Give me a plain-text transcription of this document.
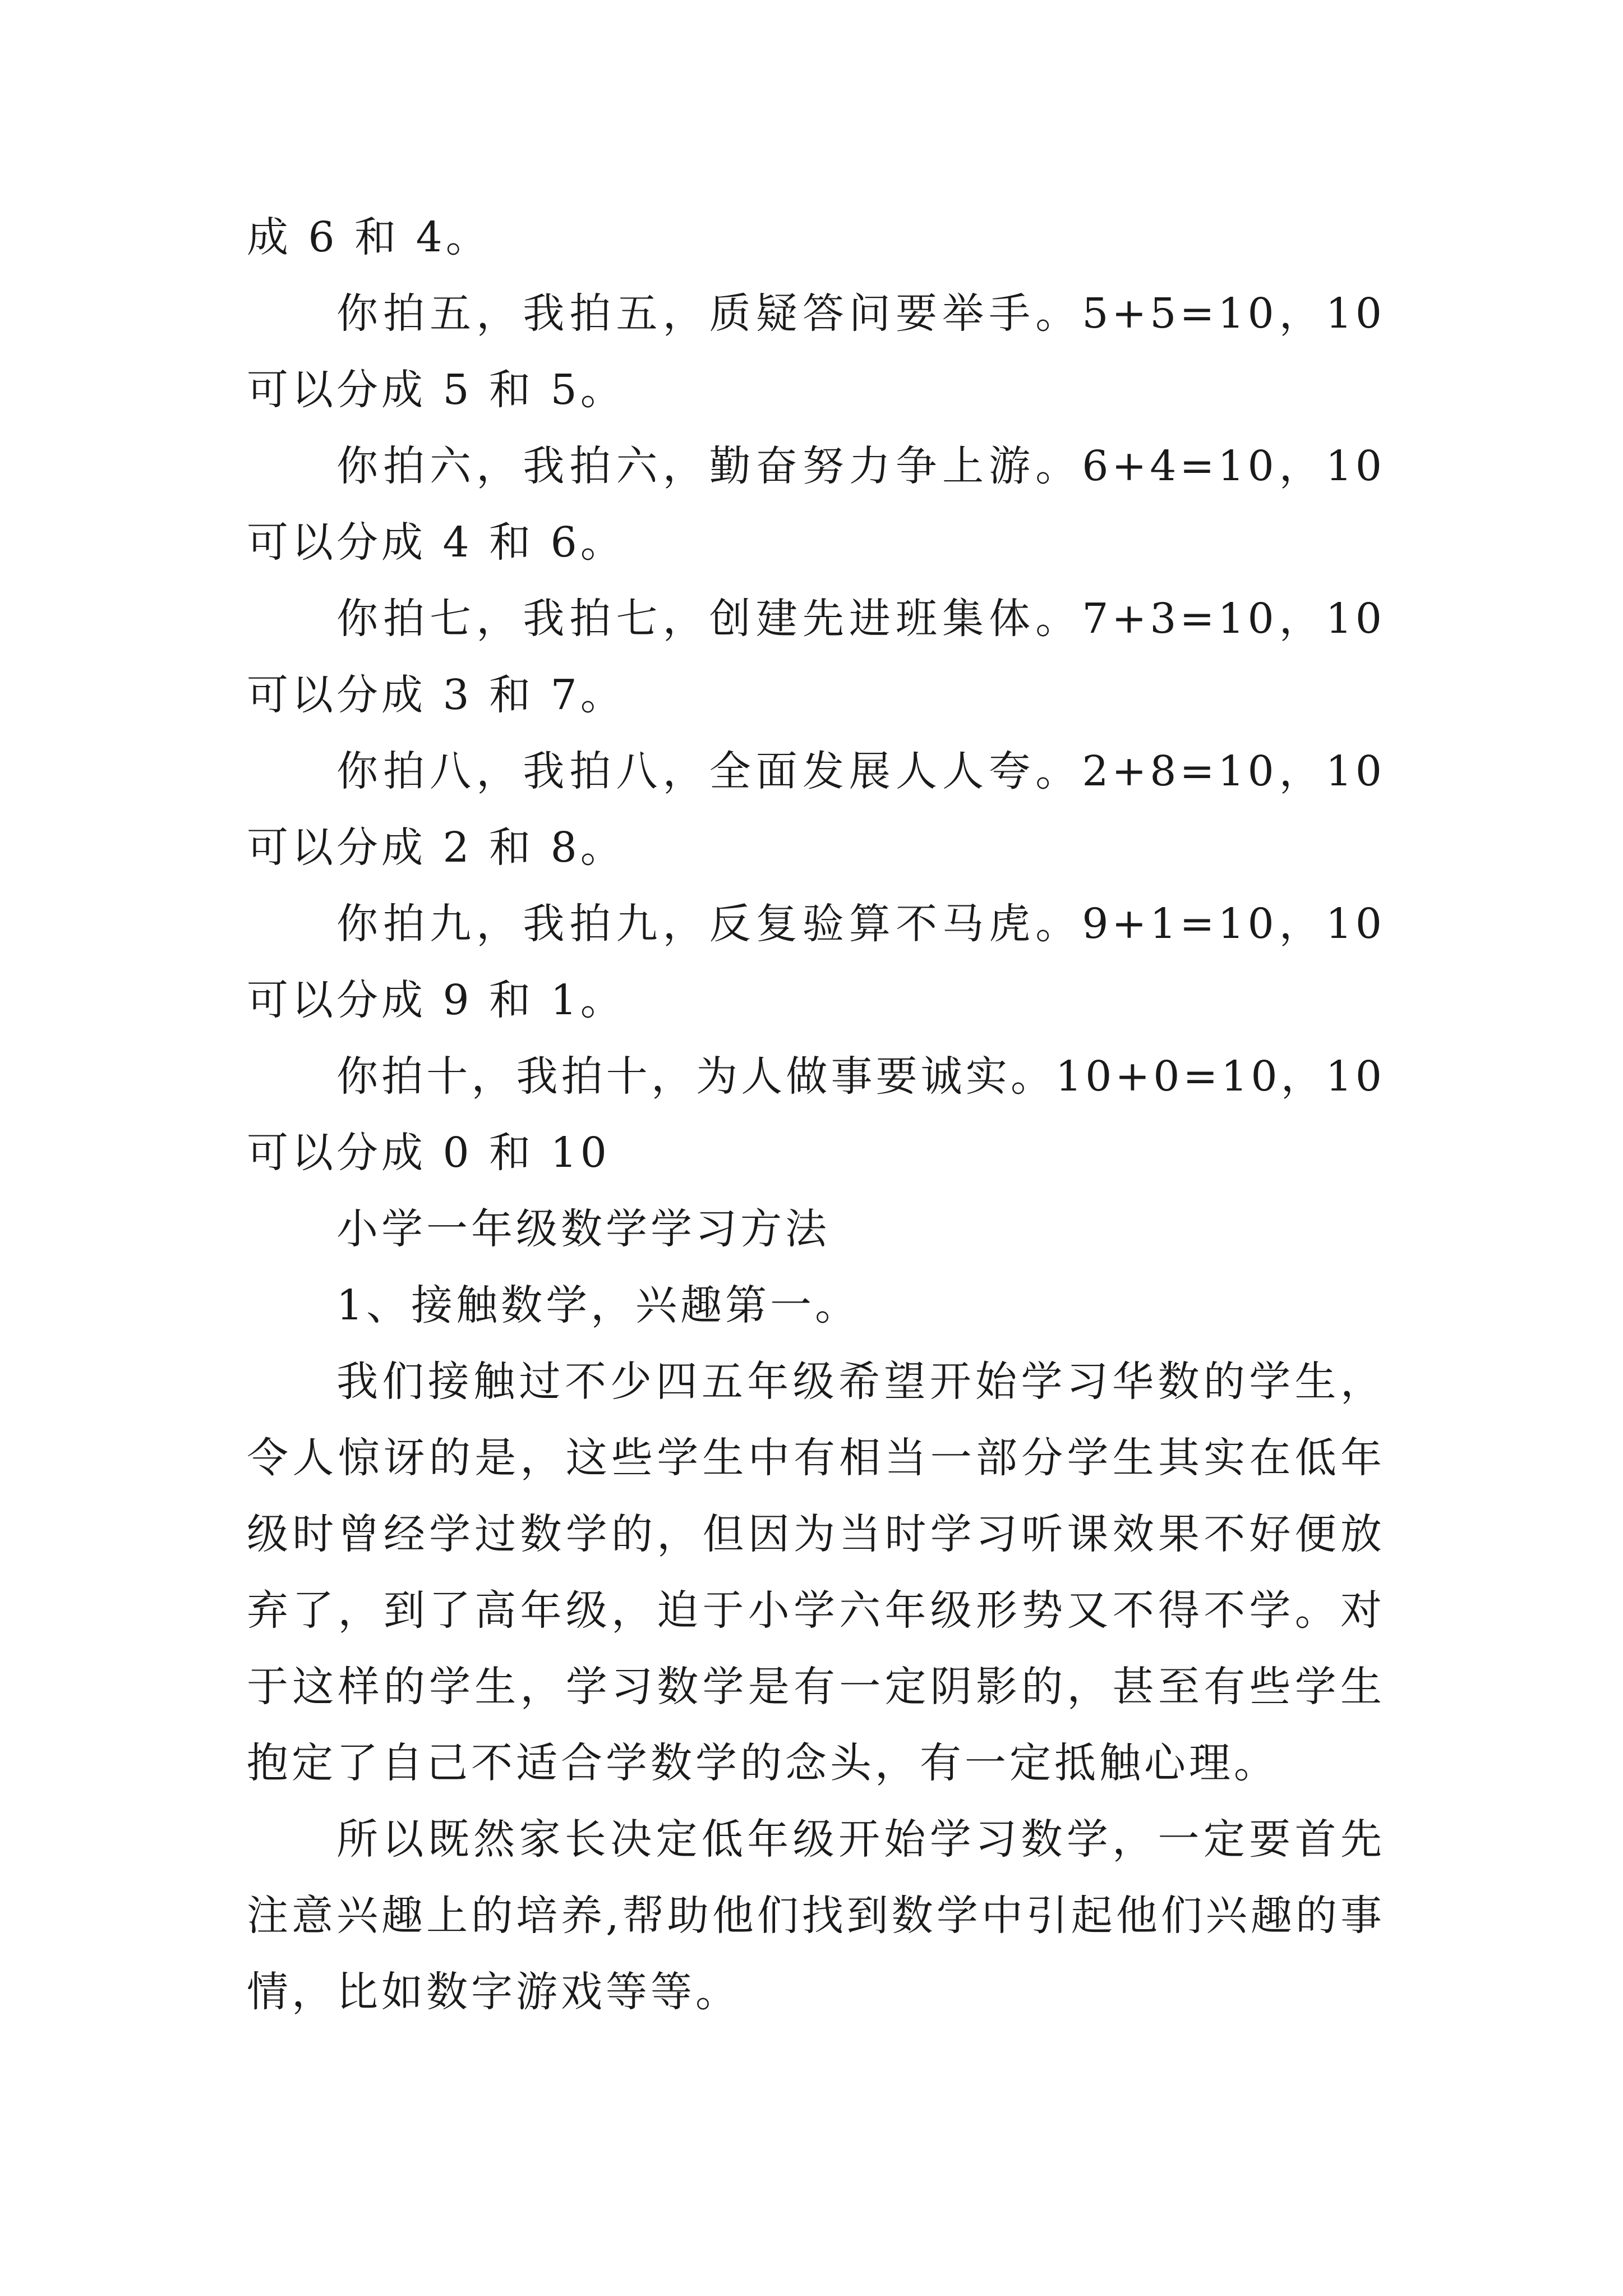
成 6 和 4。

你拍五，我拍五，质疑答问要举手。5+5=10，10 可以分成 5 和 5。

你拍六，我拍六，勤奋努力争上游。6+4=10，10 可以分成 4 和 6。

你拍七，我拍七，创建先进班集体。7+3=10，10 可以分成 3 和 7。

你拍八，我拍八，全面发展人人夸。2+8=10，10 可以分成 2 和 8。

你拍九，我拍九，反复验算不马虎。9+1=10，10 可以分成 9 和 1。

你拍十，我拍十，为人做事要诚实。10+0=10，10 可以分成 0 和 10

小学一年级数学学习方法

1、接触数学，兴趣第一。

我们接触过不少四五年级希望开始学习华数的学生，令人惊讶的是，这些学生中有相当一部分学生其实在低年级时曾经学过数学的，但因为当时学习听课效果不好便放弃了，到了高年级，迫于小学六年级形势又不得不学。对于这样的学生，学习数学是有一定阴影的，甚至有些学生抱定了自己不适合学数学的念头，有一定抵触心理。

所以既然家长决定低年级开始学习数学，一定要首先注意兴趣上的培养,帮助他们找到数学中引起他们兴趣的事情，比如数字游戏等等。
